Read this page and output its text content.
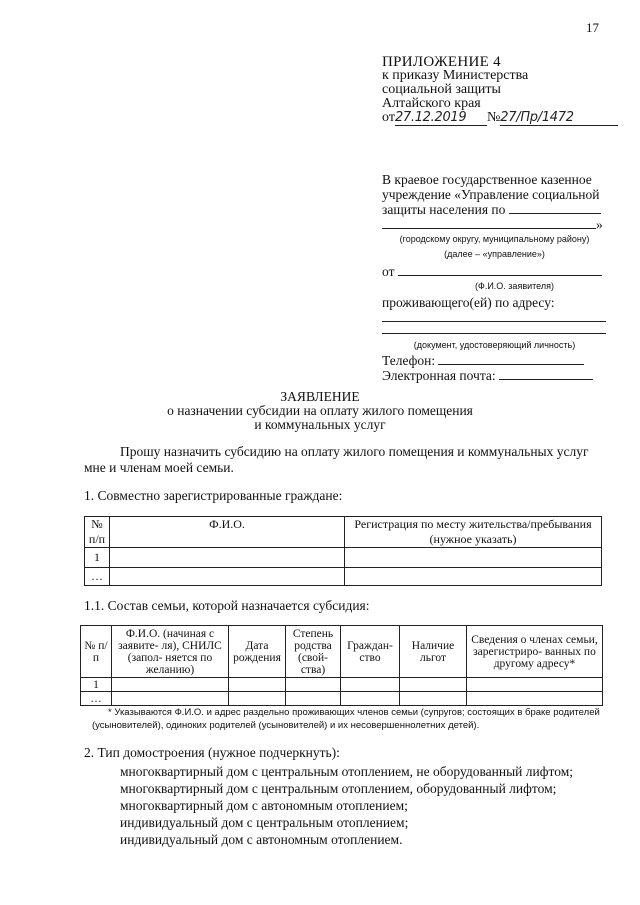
17
ПРИЛОЖЕНИЕ 4
к приказу Министерства
социальной защиты
Алтайского края
от27.12.2019 №27/Пр/1472
В краевое государственное казенное
учреждение «Управление социальной
защиты населения по
»
(городскому округу, муниципальному району)
(далее – «управление»)
от
(Ф.И.О. заявителя)
проживающего(ей) по адресу:
(документ, удостоверяющий личность)
Телефон:
Электронная почта:
ЗАЯВЛЕНИЕ
о назначении субсидии на оплату жилого помещения
и коммунальных услуг
Прошу назначить субсидию на оплату жилого помещения и коммунальных услуг
мне и членам моей семьи.
1. Совместно зарегистрированные граждане:
№ п/п	Ф.И.О.	Регистрация по месту жительства/пребывания (нужное указать)
1		
…		
1.1. Состав семьи, которой назначается субсидия:
№ п/п	Ф.И.О. (начиная с заявите- ля), СНИЛС (запол- няется по желанию)	Дата рождения	Степень родства (свой- ства)	Граждан- ство	Наличие льгот	Сведения о членах семьи, зарегистриро- ванных по другому адресу*
1						
…						
* Указываются Ф.И.О. и адрес раздельно проживающих членов семьи (супругов; состоящих в браке родителей (усыновителей), одиноких родителей (усыновителей) и их несовершеннолетних детей).
2. Тип домостроения (нужное подчеркнуть):
многоквартирный дом с центральным отоплением, не оборудованный лифтом;
многоквартирный дом с центральным отоплением, оборудованный лифтом;
многоквартирный дом с автономным отоплением;
индивидуальный дом с центральным отоплением;
индивидуальный дом с автономным отоплением.
